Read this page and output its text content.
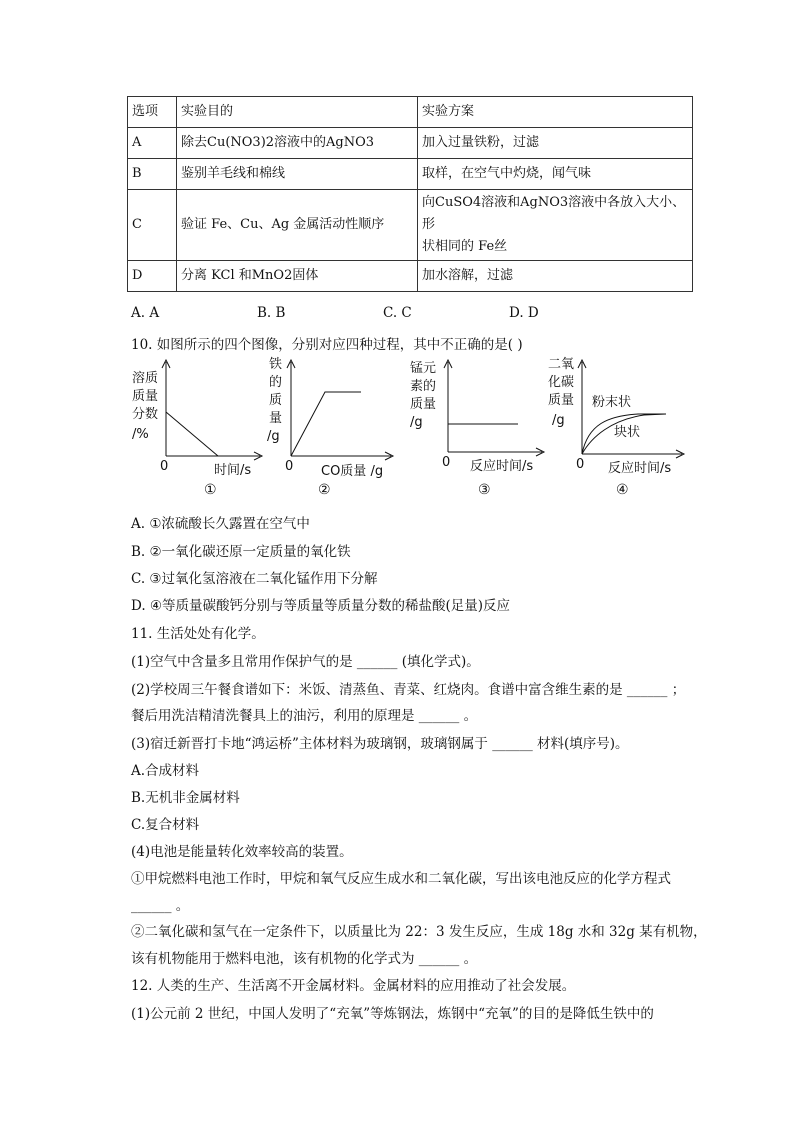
选项	实验目的	实验方案
A	除去Cu(NO3)2溶液中的AgNO3	加入过量铁粉，过滤
B	鉴别羊毛线和棉线	取样，在空气中灼烧，闻气味
C	验证 Fe、Cu、Ag 金属活动性顺序	向CuSO4溶液和AgNO3溶液中各放入大小、形
状相同的 Fe丝

D	分离 KCl 和MnO2固体	加水溶解，过滤
A. A	B. B	C. C	D. D
10. 如图所示的四个图像，分别对应四种过程，其中不正确的是( )
溶质
质量
分数
/%
0	时间/s
①
铁
的
质
量
/g
0 CO质量 /g
②
锰元
素的
质量
/g
0 反应时间/s
③
二氧
化碳
质量
/g
粉末状
块状
0 反应时间/s
④
A. ①浓硫酸长久露置在空气中
B. ②一氧化碳还原一定质量的氧化铁
C. ③过氧化氢溶液在二氧化锰作用下分解
D. ④等质量碳酸钙分别与等质量等质量分数的稀盐酸(足量)反应
11. 生活处处有化学。
(1)空气中含量多且常用作保护气的是 ______ (填化学式)。
(2)学校周三午餐食谱如下：米饭、清蒸鱼、青菜、红烧肉。食谱中富含维生素的是 ______ ；
餐后用洗洁精清洗餐具上的油污，利用的原理是 ______ 。
(3)宿迁新晋打卡地“鸿运桥”主体材料为玻璃钢，玻璃钢属于 ______ 材料(填序号)。
A.合成材料
B.无机非金属材料
C.复合材料
(4)电池是能量转化效率较高的装置。
①甲烷燃料电池工作时，甲烷和氧气反应生成水和二氧化碳，写出该电池反应的化学方程式
______ 。
②二氧化碳和氢气在一定条件下，以质量比为 22：3 发生反应，生成 18g 水和 32g 某有机物，
该有机物能用于燃料电池，该有机物的化学式为 ______ 。
12. 人类的生产、生活离不开金属材料。金属材料的应用推动了社会发展。
(1)公元前 2 世纪，中国人发明了“充氧”等炼钢法，炼钢中“充氧”的目的是降低生铁中的
